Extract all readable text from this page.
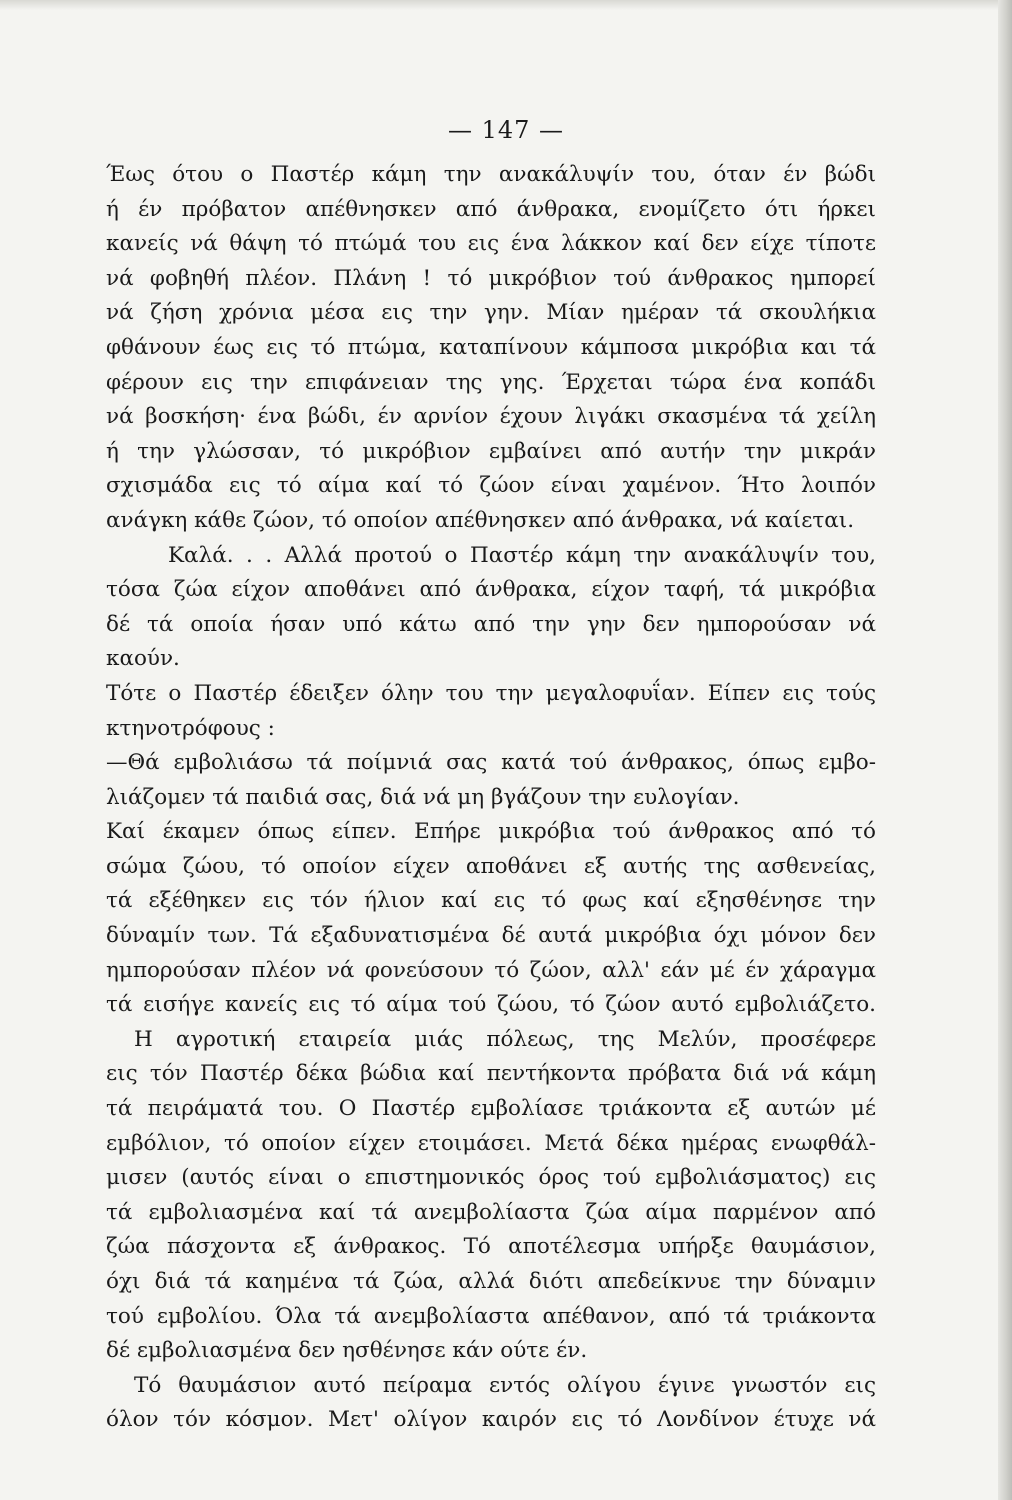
— 147 —
Έως ότου ο Παστέρ κάμη την ανακάλυψίν του, όταν έν βώδι
ή έν πρόβατον απέθνησκεν από άνθρακα, ενομίζετο ότι ήρκει
κανείς νά θάψη τό πτώμά του εις ένα λάκκον καί δεν είχε τίποτε
νά φοβηθή πλέον. Πλάνη ! τό μικρόβιον τού άνθρακος ημπορεί
νά ζήση χρόνια μέσα εις την γην. Μίαν ημέραν τά σκουλήκια
φθάνουν έως εις τό πτώμα, καταπίνουν κάμποσα μικρόβια και τά
φέρουν εις την επιφάνειαν της γης. Έρχεται τώρα ένα κοπάδι
νά βοσκήση· ένα βώδι, έν αρνίον έχουν λιγάκι σκασμένα τά χείλη
ή την γλώσσαν, τό μικρόβιον εμβαίνει από αυτήν την μικράν
σχισμάδα εις τό αίμα καί τό ζώον είναι χαμένον. Ήτο λοιπόν
ανάγκη κάθε ζώον, τό οποίον απέθνησκεν από άνθρακα, νά καίεται.
Καλά. . . Αλλά προτού ο Παστέρ κάμη την ανακάλυψίν του,
τόσα ζώα είχον αποθάνει από άνθρακα, είχον ταφή, τά μικρόβια
δέ τά οποία ήσαν υπό κάτω από την γην δεν ημπορούσαν νά
καούν.
Τότε ο Παστέρ έδειξεν όλην του την μεγαλοφυΐαν. Είπεν εις τούς
κτηνοτρόφους :
—Θά εμβολιάσω τά ποίμνιά σας κατά τού άνθρακος, όπως εμβο-
λιάζομεν τά παιδιά σας, διά νά μη βγάζουν την ευλογίαν.
Καί έκαμεν όπως είπεν. Επήρε μικρόβια τού άνθρακος από τό
σώμα ζώου, τό οποίον είχεν αποθάνει εξ αυτής της ασθενείας,
τά εξέθηκεν εις τόν ήλιον καί εις τό φως καί εξησθένησε την
δύναμίν των. Τά εξαδυνατισμένα δέ αυτά μικρόβια όχι μόνον δεν
ημπορούσαν πλέον νά φονεύσουν τό ζώον, αλλ' εάν μέ έν χάραγμα
τά εισήγε κανείς εις τό αίμα τού ζώου, τό ζώον αυτό εμβολιάζετο.
Η αγροτική εταιρεία μιάς πόλεως, της Μελύν, προσέφερε
εις τόν Παστέρ δέκα βώδια καί πεντήκοντα πρόβατα διά νά κάμη
τά πειράματά του. Ο Παστέρ εμβολίασε τριάκοντα εξ αυτών μέ
εμβόλιον, τό οποίον είχεν ετοιμάσει. Μετά δέκα ημέρας ενωφθάλ-
μισεν (αυτός είναι ο επιστημονικός όρος τού εμβολιάσματος) εις
τά εμβολιασμένα καί τά ανεμβολίαστα ζώα αίμα παρμένον από
ζώα πάσχοντα εξ άνθρακος. Τό αποτέλεσμα υπήρξε θαυμάσιον,
όχι διά τά καημένα τά ζώα, αλλά διότι απεδείκνυε την δύναμιν
τού εμβολίου. Όλα τά ανεμβολίαστα απέθανον, από τά τριάκοντα
δέ εμβολιασμένα δεν ησθένησε κάν ούτε έν.
Τό θαυμάσιον αυτό πείραμα εντός ολίγου έγινε γνωστόν εις
όλον τόν κόσμον. Μετ' ολίγον καιρόν εις τό Λονδίνον έτυχε νά
